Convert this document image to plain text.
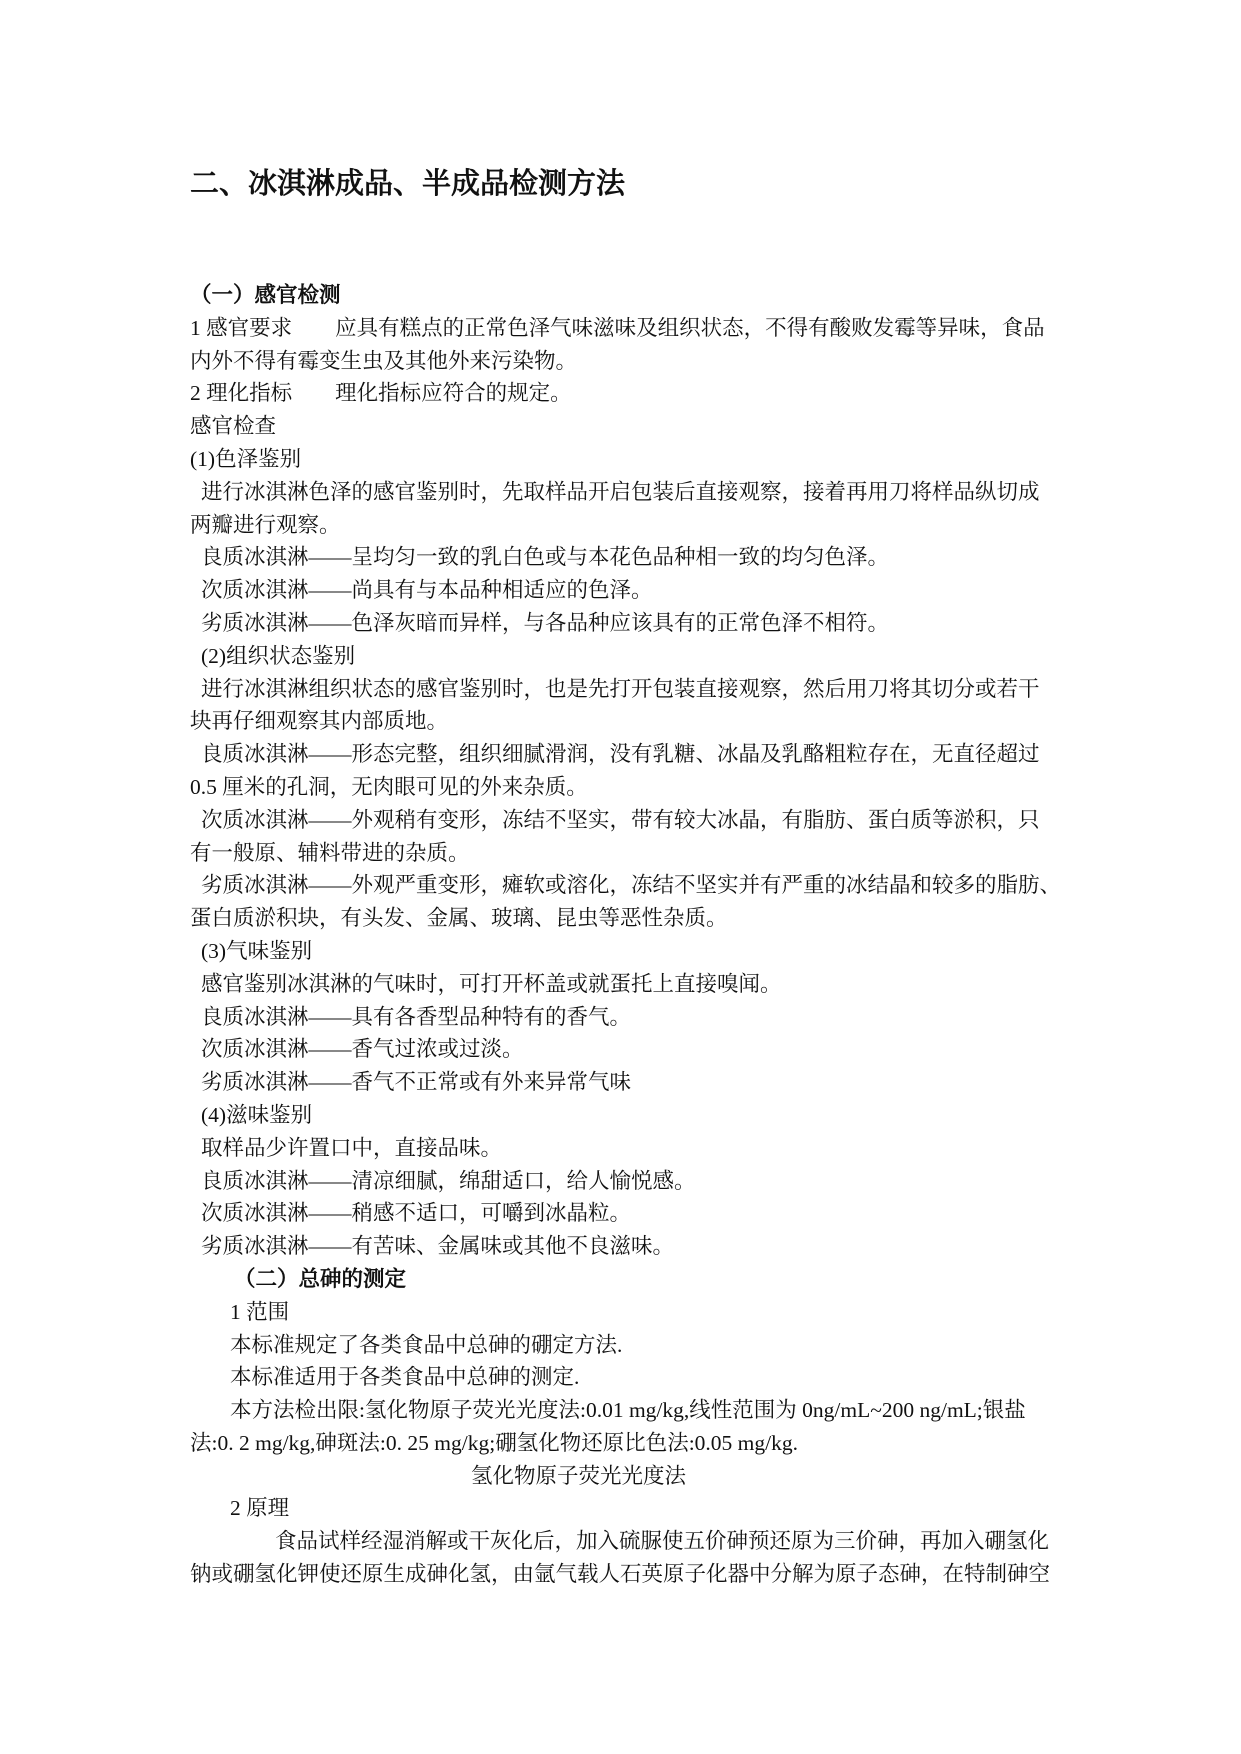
二、冰淇淋成品、半成品检测方法
（一）感官检测
1 感官要求　　应具有糕点的正常色泽气味滋味及组织状态，不得有酸败发霉等异味，食品
内外不得有霉变生虫及其他外来污染物。
2 理化指标　　理化指标应符合的规定。
感官检查
(1)色泽鉴别
进行冰淇淋色泽的感官鉴别时，先取样品开启包装后直接观察，接着再用刀将样品纵切成
两瓣进行观察。
良质冰淇淋——呈均匀一致的乳白色或与本花色品种相一致的均匀色泽。
次质冰淇淋——尚具有与本品种相适应的色泽。
劣质冰淇淋——色泽灰暗而异样，与各品种应该具有的正常色泽不相符。
(2)组织状态鉴别
进行冰淇淋组织状态的感官鉴别时，也是先打开包装直接观察，然后用刀将其切分或若干
块再仔细观察其内部质地。
良质冰淇淋——形态完整，组织细腻滑润，没有乳糖、冰晶及乳酪粗粒存在，无直径超过
0.5 厘米的孔洞，无肉眼可见的外来杂质。
次质冰淇淋——外观稍有变形，冻结不坚实，带有较大冰晶，有脂肪、蛋白质等淤积，只
有一般原、辅料带进的杂质。
劣质冰淇淋——外观严重变形，瘫软或溶化，冻结不坚实并有严重的冰结晶和较多的脂肪、
蛋白质淤积块，有头发、金属、玻璃、昆虫等恶性杂质。
(3)气味鉴别
感官鉴别冰淇淋的气味时，可打开杯盖或就蛋托上直接嗅闻。
良质冰淇淋——具有各香型品种特有的香气。
次质冰淇淋——香气过浓或过淡。
劣质冰淇淋——香气不正常或有外来异常气味
(4)滋味鉴别
取样品少许置口中，直接品味。
良质冰淇淋——清凉细腻，绵甜适口，给人愉悦感。
次质冰淇淋——稍感不适口，可嚼到冰晶粒。
劣质冰淇淋——有苦味、金属味或其他不良滋味。
（二）总砷的测定
1 范围
本标准规定了各类食品中总砷的硼定方法.
本标准适用于各类食品中总砷的测定.
本方法检出限:氢化物原子荧光光度法:0.01 mg/kg,线性范围为 0ng/mL~200 ng/mL;银盐
法:0. 2 mg/kg,砷斑法:0. 25 mg/kg;硼氢化物还原比色法:0.05 mg/kg.
氢化物原子荧光光度法
2 原理
食品试样经湿消解或干灰化后，加入硫脲使五价砷预还原为三价砷，再加入硼氢化
钠或硼氢化钾使还原生成砷化氢，由氩气载人石英原子化器中分解为原子态砷，在特制砷空
